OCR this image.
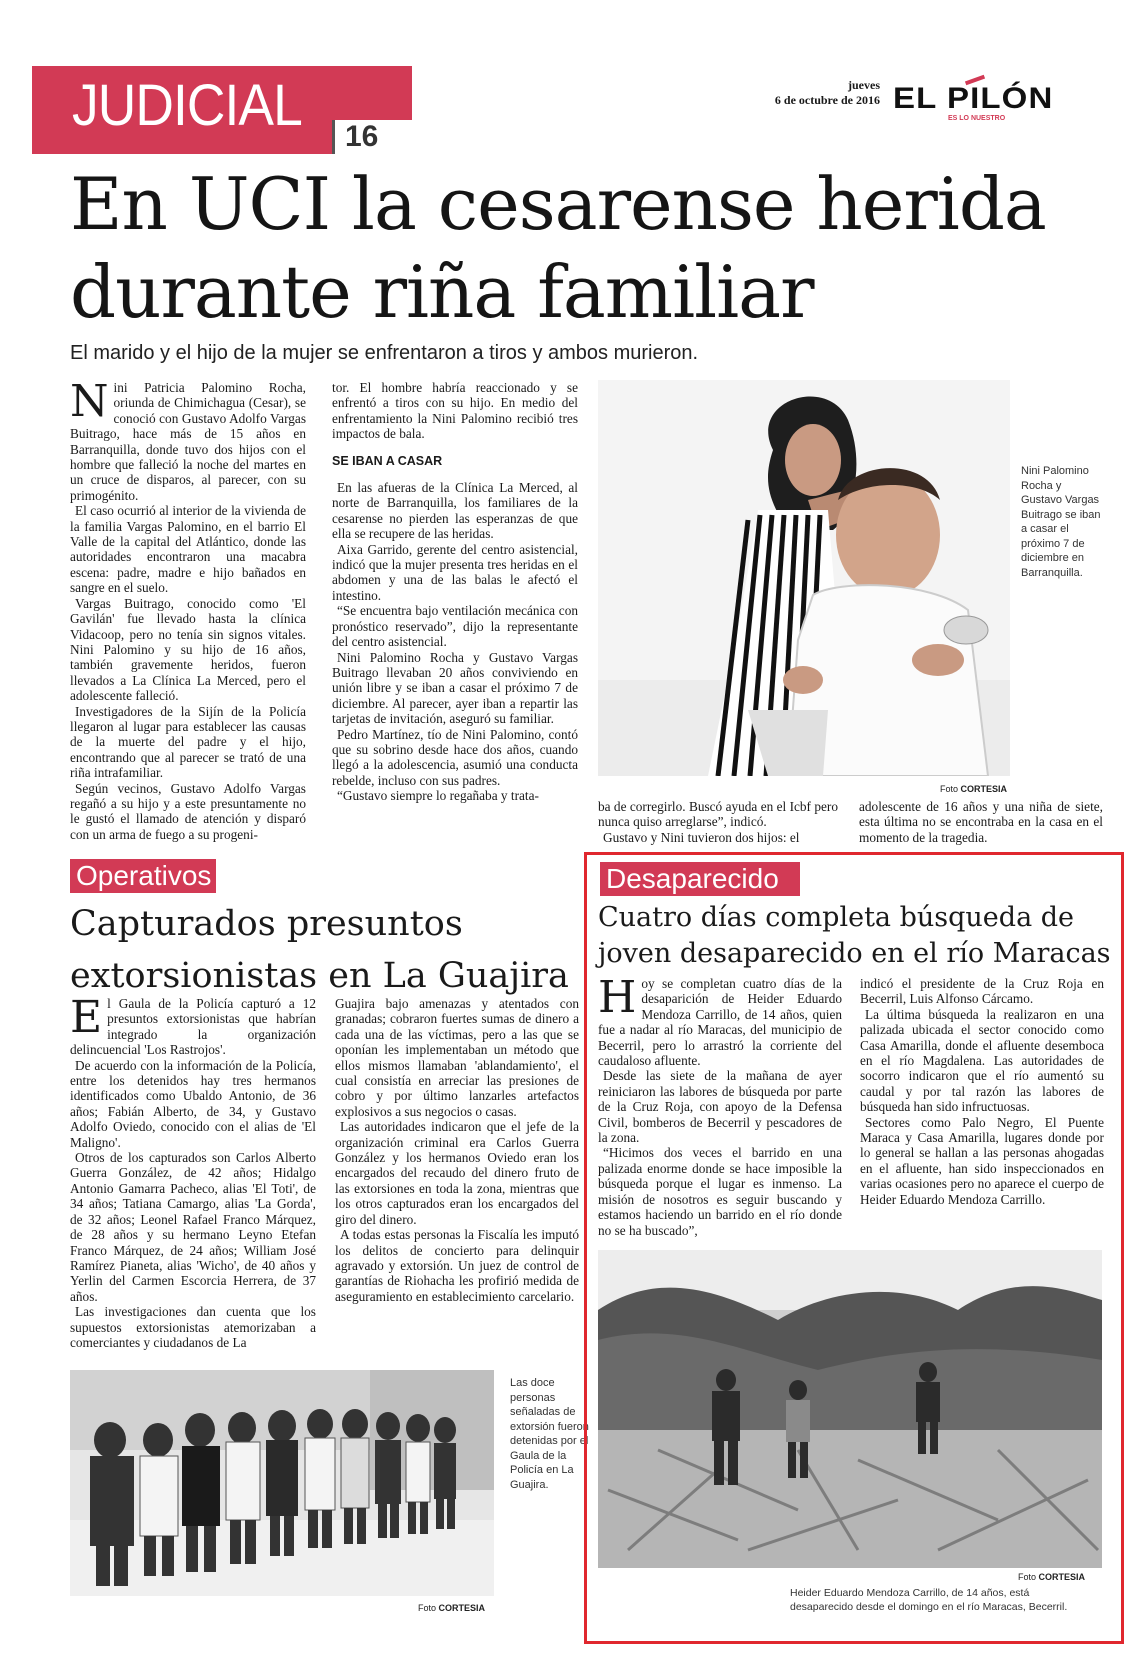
JUDICIAL 16
jueves
6 de octubre de 2016 EL PILÓN
ES LO NUESTRO
En UCI la cesarense herida
durante riña familiar
El marido y el hijo de la mujer se enfrentaron a tiros y ambos murieron.

Nini Patricia Palomino Rocha, oriunda de Chimichagua (Cesar), se conoció con Gustavo Adolfo Vargas Buitrago, hace más de 15 años en Barranquilla, donde tuvo dos hijos con el hombre que falleció la noche del martes en un cruce de disparos, al parecer, con su primogénito.

El caso ocurrió al interior de la vivienda de la familia Vargas Palomino, en el barrio El Valle de la capital del Atlántico, donde las autoridades encontraron una macabra escena: padre, madre e hijo bañados en sangre en el suelo.

Vargas Buitrago, conocido como 'El Gavilán' fue llevado hasta la clínica Vidacoop, pero no tenía sin signos vitales. Nini Palomino y su hijo de 16 años, también gravemente heridos, fueron llevados a La Clínica La Merced, pero el adolescente falleció.

Investigadores de la Sijín de la Policía llegaron al lugar para establecer las causas de la muerte del padre y el hijo, encontrando que al parecer se trató de una riña intrafamiliar.

Según vecinos, Gustavo Adolfo Vargas regañó a su hijo y a este presuntamente no le gustó el llamado de atención y disparó con un arma de fuego a su progeni-

tor. El hombre habría reaccionado y se enfrentó a tiros con su hijo. En medio del enfrentamiento la Nini Palomino recibió tres impactos de bala.

SE IBAN A CASAR

En las afueras de la Clínica La Merced, al norte de Barranquilla, los familiares de la cesarense no pierden las esperanzas de que ella se recupere de las heridas.

Aixa Garrido, gerente del centro asistencial, indicó que la mujer presenta tres heridas en el abdomen y una de las balas le afectó el intestino.

“Se encuentra bajo ventilación mecánica con pronóstico reservado”, dijo la representante del centro asistencial.

Nini Palomino Rocha y Gustavo Vargas Buitrago llevaban 20 años conviviendo en unión libre y se iban a casar el próximo 7 de diciembre. Al parecer, ayer iban a repartir las tarjetas de invitación, aseguró su familiar.

Pedro Martínez, tío de Nini Palomino, contó que su sobrino desde hace dos años, cuando llegó a la adolescencia, asumió una conducta rebelde, incluso con sus padres.

“Gustavo siempre lo regañaba y trata-

Nini Palomino Rocha y Gustavo Vargas Buitrago se iban a casar el próximo 7 de diciembre en Barranquilla.
Foto CORTESIA

ba de corregirlo. Buscó ayuda en el Icbf pero nunca quiso arreglarse”, indicó.

Gustavo y Nini tuvieron dos hijos: el

adolescente de 16 años y una niña de siete, esta última no se encontraba en la casa en el momento de la tragedia.

Operativos
Capturados presuntos
extorsionistas en La Guajira

El Gaula de la Policía capturó a 12 presuntos extorsionistas que habrían integrado la organización delincuencial 'Los Rastrojos'.

De acuerdo con la información de la Policía, entre los detenidos hay tres hermanos identificados como Ubaldo Antonio, de 36 años; Fabián Alberto, de 34, y Gustavo Adolfo Oviedo, conocido con el alias de 'El Maligno'.

Otros de los capturados son Carlos Alberto Guerra González, de 42 años; Hidalgo Antonio Gamarra Pacheco, alias 'El Toti', de 34 años; Tatiana Camargo, alias 'La Gorda', de 32 años; Leonel Rafael Franco Márquez, de 28 años y su hermano Leyno Etefan Franco Márquez, de 24 años; William José Ramírez Pianeta, alias 'Wicho', de 40 años y Yerlin del Carmen Escorcia Herrera, de 37 años.

Las investigaciones dan cuenta que los supuestos extorsionistas atemorizaban a comerciantes y ciudadanos de La

Guajira bajo amenazas y atentados con granadas; cobraron fuertes sumas de dinero a cada una de las víctimas, pero a las que se oponían les implementaban un método que ellos mismos llamaban 'ablandamiento', el cual consistía en arreciar las presiones de cobro y por último lanzarles artefactos explosivos a sus negocios o casas.

Las autoridades indicaron que el jefe de la organización criminal era Carlos Guerra González y los hermanos Oviedo eran los encargados del recaudo del dinero fruto de las extorsiones en toda la zona, mientras que los otros capturados eran los encargados del giro del dinero.

A todas estas personas la Fiscalía les imputó los delitos de concierto para delinquir agravado y extorsión. Un juez de control de garantías de Riohacha les profirió medida de aseguramiento en establecimiento carcelario.

Las doce personas señaladas de extorsión fueron detenidas por el Gaula de la Policía en La Guajira.
Foto CORTESIA
Desaparecido
Cuatro días completa búsqueda de
joven desaparecido en el río Maracas

Hoy se completan cuatro días de la desaparición de Heider Eduardo Mendoza Carrillo, de 14 años, quien fue a nadar al río Maracas, del municipio de Becerril, pero lo arrastró la corriente del caudaloso afluente.

Desde las siete de la mañana de ayer reiniciaron las labores de búsqueda por parte de la Cruz Roja, con apoyo de la Defensa Civil, bomberos de Becerril y pescadores de la zona.

“Hicimos dos veces el barrido en una palizada enorme donde se hace imposible la búsqueda porque el lugar es inmenso. La misión de nosotros es seguir buscando y estamos haciendo un barrido en el río donde no se ha buscado”,

indicó el presidente de la Cruz Roja en Becerril, Luis Alfonso Cárcamo.

La última búsqueda la realizaron en una palizada ubicada el sector conocido como Casa Amarilla, donde el afluente desemboca en el río Magdalena. Las autoridades de socorro indicaron que el río aumentó su caudal y por tal razón las labores de búsqueda han sido infructuosas.

Sectores como Palo Negro, El Puente Maraca y Casa Amarilla, lugares donde por lo general se hallan a las personas ahogadas en el afluente, han sido inspeccionados en varias ocasiones pero no aparece el cuerpo de Heider Eduardo Mendoza Carrillo.

Foto CORTESIA
Heider Eduardo Mendoza Carrillo, de 14 años, está desaparecido desde el domingo en el río Maracas, Becerril.
